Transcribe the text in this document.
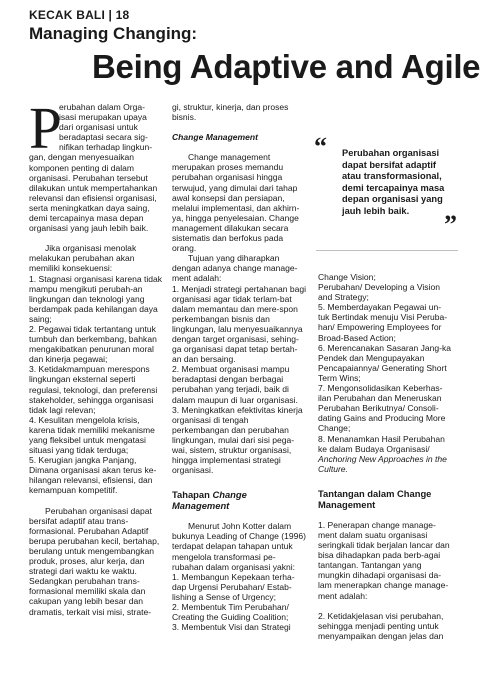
KECAK BALI | 18
Managing Changing:
Being Adaptive and Agile
P

erubahan dalam Orga-
isasi merupakan upaya
dari organisasi untuk
beradaptasi secara sig-
nifikan terhadap lingkun-

gan, dengan menyesuaikan komponen penting di dalam organisasi. Perubahan tersebut dilakukan untuk mempertahankan relevansi dan efisiensi organisasi, serta meningkatkan daya saing, demi tercapainya masa depan organisasi yang jauh lebih baik.

Jika organisasi menolak melakukan perubahan akan memiliki konsekuensi:

1. Stagnasi organisasi karena tidak mampu mengikuti perubah-an lingkungan dan teknologi yang berdampak pada kehilangan daya saing;

2. Pegawai tidak tertantang untuk tumbuh dan berkembang, bahkan mengakibatkan penurunan moral dan kinerja pegawai;

3. Ketidakmampuan merespons lingkungan eksternal seperti regulasi, teknologi, dan preferensi stakeholder, sehingga organisasi tidak lagi relevan;

4. Kesulitan mengelola krisis, karena tidak memiliki mekanisme yang fleksibel untuk mengatasi situasi yang tidak terduga;

5. Kerugian jangka Panjang, Dimana organisasi akan terus ke-hilangan relevansi, efisiensi, dan kemampuan kompetitif.

Perubahan organisasi dapat bersifat adaptif atau trans-formasional. Perubahan Adaptif berupa perubahan kecil, bertahap, berulang untuk mengembangkan produk, proses, alur kerja, dan strategi dari waktu ke waktu. Sedangkan perubahan trans-formasional memiliki skala dan cakupan yang lebih besar dan dramatis, terkait visi misi, strate-

gi, struktur, kinerja, dan proses bisnis.

Change Management

Change management merupakan proses memandu perubahan organisasi hingga terwujud, yang dimulai dari tahap awal konsepsi dan persiapan, melalui implementasi, dan akhirn-ya, hingga penyelesaian. Change management dilakukan secara sistematis dan berfokus pada orang.

Tujuan yang diharapkan dengan adanya change manage-ment adalah:

1. Menjadi strategi pertahanan bagi organisasi agar tidak terlam-bat dalam memantau dan mere-spon perkembangan bisnis dan lingkungan, lalu menyesuaikannya dengan target organisasi, sehing-ga organisasi dapat tetap bertah-an dan bersaing.

2. Membuat organisasi mampu beradaptasi dengan berbagai perubahan yang terjadi, baik di dalam maupun di luar organisasi.

3. Meningkatkan efektivitas kinerja organisasi di tengah perkembangan dan perubahan lingkungan, mulai dari sisi pega-wai, sistem, struktur organisasi, hingga implementasi strategi organisasi.

Tahapan Change Management

Menurut John Kotter dalam bukunya Leading of Change (1996) terdapat delapan tahapan untuk mengelola transformasi pe-rubahan dalam organisasi yakni:

1. Membangun Kepekaan terha-dap Urgensi Perubahan/ Estab-lishing a Sense of Urgency;

2. Membentuk Tim Perubahan/ Creating the Guiding Coalition;

3. Membentuk Visi dan Strategi

“ Perubahan organisasi
dapat bersifat adaptif
atau transformasional,
demi tercapainya masa
depan organisasi yang
jauh lebih baik.	”

Change Vision;

Perubahan/ Developing a Vision and Strategy;

5. Memberdayakan Pegawai un-tuk Bertindak menuju Visi Peruba-han/ Empowering Employees for Broad-Based Action;

6. Merencanakan Sasaran Jang-ka Pendek dan Mengupayakan Pencapaiannya/ Generating Short Term Wins;

7. Mengonsolidasikan Keberhas-ilan Perubahan dan Meneruskan Perubahan Berikutnya/ Consoli-dating Gains and Producing More Change;

8. Menanamkan Hasil Perubahan ke dalam Budaya Organisasi/ Anchoring New Approaches in the Culture.

Tantangan dalam Change Management

1. Penerapan change manage-ment dalam suatu organisasi seringkali tidak berjalan lancar dan bisa dihadapkan pada berb-agai tantangan. Tantangan yang mungkin dihadapi organisasi da-lam menerapkan change manage-ment adalah:

2. Ketidakjelasan visi perubahan, sehingga menjadi penting untuk menyampaikan dengan jelas dan
